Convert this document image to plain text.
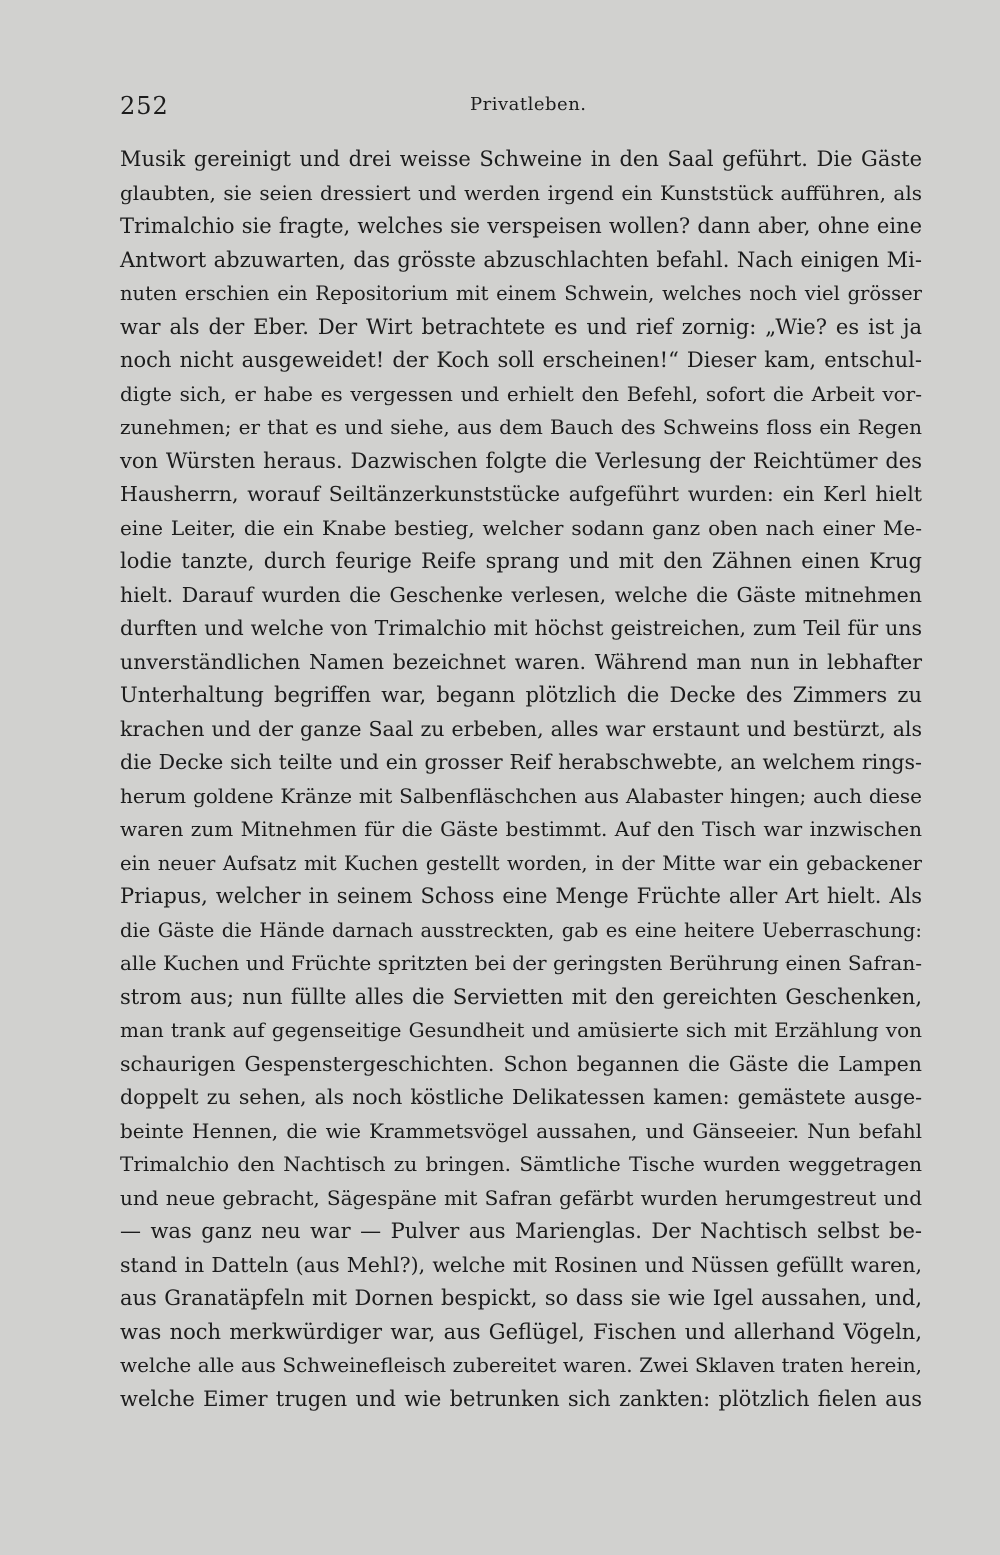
252	Privatleben.
Musik gereinigt und drei weisse Schweine in den Saal geführt. Die Gäste
glaubten, sie seien dressiert und werden irgend ein Kunststück aufführen, als
Trimalchio sie fragte, welches sie verspeisen wollen? dann aber, ohne eine
Antwort abzuwarten, das grösste abzuschlachten befahl. Nach einigen Mi-
nuten erschien ein Repositorium mit einem Schwein, welches noch viel grösser
war als der Eber. Der Wirt betrachtete es und rief zornig: „Wie? es ist ja
noch nicht ausgeweidet! der Koch soll erscheinen!“ Dieser kam, entschul-
digte sich, er habe es vergessen und erhielt den Befehl, sofort die Arbeit vor-
zunehmen; er that es und siehe, aus dem Bauch des Schweins floss ein Regen
von Würsten heraus. Dazwischen folgte die Verlesung der Reichtümer des
Hausherrn, worauf Seiltänzerkunststücke aufgeführt wurden: ein Kerl hielt
eine Leiter, die ein Knabe bestieg, welcher sodann ganz oben nach einer Me-
lodie tanzte, durch feurige Reife sprang und mit den Zähnen einen Krug
hielt. Darauf wurden die Geschenke verlesen, welche die Gäste mitnehmen
durften und welche von Trimalchio mit höchst geistreichen, zum Teil für uns
unverständlichen Namen bezeichnet waren. Während man nun in lebhafter
Unterhaltung begriffen war, begann plötzlich die Decke des Zimmers zu
krachen und der ganze Saal zu erbeben, alles war erstaunt und bestürzt, als
die Decke sich teilte und ein grosser Reif herabschwebte, an welchem rings-
herum goldene Kränze mit Salbenfläschchen aus Alabaster hingen; auch diese
waren zum Mitnehmen für die Gäste bestimmt. Auf den Tisch war inzwischen
ein neuer Aufsatz mit Kuchen gestellt worden, in der Mitte war ein gebackener
Priapus, welcher in seinem Schoss eine Menge Früchte aller Art hielt. Als
die Gäste die Hände darnach ausstreckten, gab es eine heitere Ueberraschung:
alle Kuchen und Früchte spritzten bei der geringsten Berührung einen Safran-
strom aus; nun füllte alles die Servietten mit den gereichten Geschenken,
man trank auf gegenseitige Gesundheit und amüsierte sich mit Erzählung von
schaurigen Gespenstergeschichten. Schon begannen die Gäste die Lampen
doppelt zu sehen, als noch köstliche Delikatessen kamen: gemästete ausge-
beinte Hennen, die wie Krammetsvögel aussahen, und Gänseeier. Nun befahl
Trimalchio den Nachtisch zu bringen. Sämtliche Tische wurden weggetragen
und neue gebracht, Sägespäne mit Safran gefärbt wurden herumgestreut und
— was ganz neu war — Pulver aus Marienglas. Der Nachtisch selbst be-
stand in Datteln (aus Mehl?), welche mit Rosinen und Nüssen gefüllt waren,
aus Granatäpfeln mit Dornen bespickt, so dass sie wie Igel aussahen, und,
was noch merkwürdiger war, aus Geflügel, Fischen und allerhand Vögeln,
welche alle aus Schweinefleisch zubereitet waren. Zwei Sklaven traten herein,
welche Eimer trugen und wie betrunken sich zankten: plötzlich fielen aus
